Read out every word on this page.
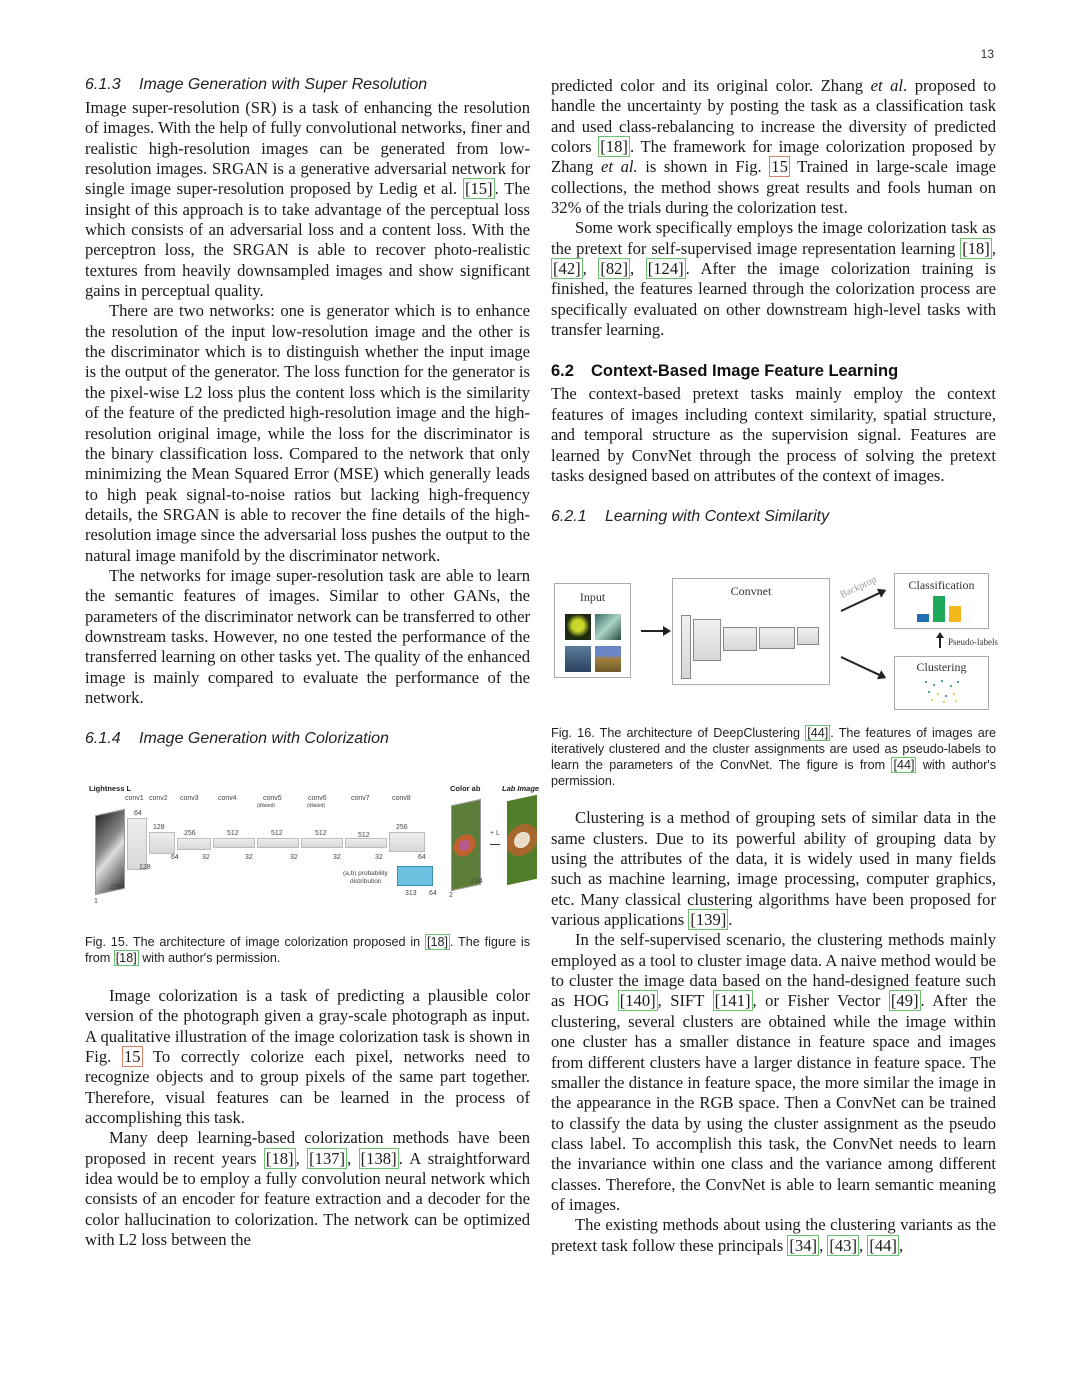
13
6.1.3 Image Generation with Super Resolution

Image super-resolution (SR) is a task of enhancing the resolution of images. With the help of fully convolutional networks, finer and realistic high-resolution images can be generated from low-resolution images. SRGAN is a generative adversarial network for single image super-resolution proposed by Ledig et al. [15] . The insight of this approach is to take advantage of the perceptual loss which consists of an adversarial loss and a content loss. With the perceptron loss, the SRGAN is able to recover photo-realistic textures from heavily downsampled images and show significant gains in perceptual quality.

There are two networks: one is generator which is to enhance the resolution of the input low-resolution image and the other is the discriminator which is to distinguish whether the input image is the output of the generator. The loss function for the generator is the pixel-wise L2 loss plus the content loss which is the similarity of the feature of the predicted high-resolution image and the high-resolution original image, while the loss for the discriminator is the binary classification loss. Compared to the network that only minimizing the Mean Squared Error (MSE) which generally leads to high peak signal-to-noise ratios but lacking high-frequency details, the SRGAN is able to recover the fine details of the high-resolution image since the adversarial loss pushes the output to the natural image manifold by the discriminator network.

The networks for image super-resolution task are able to learn the semantic features of images. Similar to other GANs, the parameters of the discriminator network can be transferred to other downstream tasks. However, no one tested the performance of the transferred learning on other tasks yet. The quality of the enhanced image is mainly compared to evaluate the performance of the network.

6.1.4 Image Generation with Colorization
Lightness L	Color ab	Lab Image
conv1 conv2 conv3	conv4	conv5	conv6	conv7	conv8
(dilated)	(dilated)
64
128
256	512	512	512	512
256
128
64	32	32	32	32	32	64
256
1
(a,b) probability
distribution
313 64
224
2
+ L

Fig. 15. The architecture of image colorization proposed in [18] . The figure is from [18] with author's permission.

Image colorization is a task of predicting a plausible color version of the photograph given a gray-scale photograph as input. A qualitative illustration of the image colorization task is shown in Fig. 15 To correctly colorize each pixel, networks need to recognize objects and to group pixels of the same part together. Therefore, visual features can be learned in the process of accomplishing this task.

Many deep learning-based colorization methods have been proposed in recent years [18] , [137] , [138] . A straightforward idea would be to employ a fully convolution neural network which consists of an encoder for feature extraction and a decoder for the color hallucination to colorization. The network can be optimized with L2 loss between the

predicted color and its original color. Zhang et al. proposed to handle the uncertainty by posting the task as a classification task and used class-rebalancing to increase the diversity of predicted colors [18] . The framework for image colorization proposed by Zhang et al. is shown in Fig. 15 Trained in large-scale image collections, the method shows great results and fools human on 32% of the trials during the colorization test.

Some work specifically employs the image colorization task as the pretext for self-supervised image representation learning [18] , [42] , [82] , [124] . After the image colorization training is finished, the features learned through the colorization process are specifically evaluated on other downstream high-level tasks with transfer learning.

6.2 Context-Based Image Feature Learning

The context-based pretext tasks mainly employ the context features of images including context similarity, spatial structure, and temporal structure as the supervision signal. Features are learned by ConvNet through the process of solving the pretext tasks designed based on attributes of the context of images.

6.2.1 Learning with Context Similarity
Input	Convnet	Backprop	Classification
Pseudo-labels
Clustering

Fig. 16. The architecture of DeepClustering [44] . The features of images are iteratively clustered and the cluster assignments are used as pseudo-labels to learn the parameters of the ConvNet. The figure is from [44] with author's permission.

Clustering is a method of grouping sets of similar data in the same clusters. Due to its powerful ability of grouping data by using the attributes of the data, it is widely used in many fields such as machine learning, image processing, computer graphics, etc. Many classical clustering algorithms have been proposed for various applications [139] .

In the self-supervised scenario, the clustering methods mainly employed as a tool to cluster image data. A naive method would be to cluster the image data based on the hand-designed feature such as HOG [140] , SIFT [141] , or Fisher Vector [49] . After the clustering, several clusters are obtained while the image within one cluster has a smaller distance in feature space and images from different clusters have a larger distance in feature space. The smaller the distance in feature space, the more similar the image in the appearance in the RGB space. Then a ConvNet can be trained to classify the data by using the cluster assignment as the pseudo class label. To accomplish this task, the ConvNet needs to learn the invariance within one class and the variance among different classes. Therefore, the ConvNet is able to learn semantic meaning of images.

The existing methods about using the clustering variants as the pretext task follow these principals [34] , [43] , [44] ,
